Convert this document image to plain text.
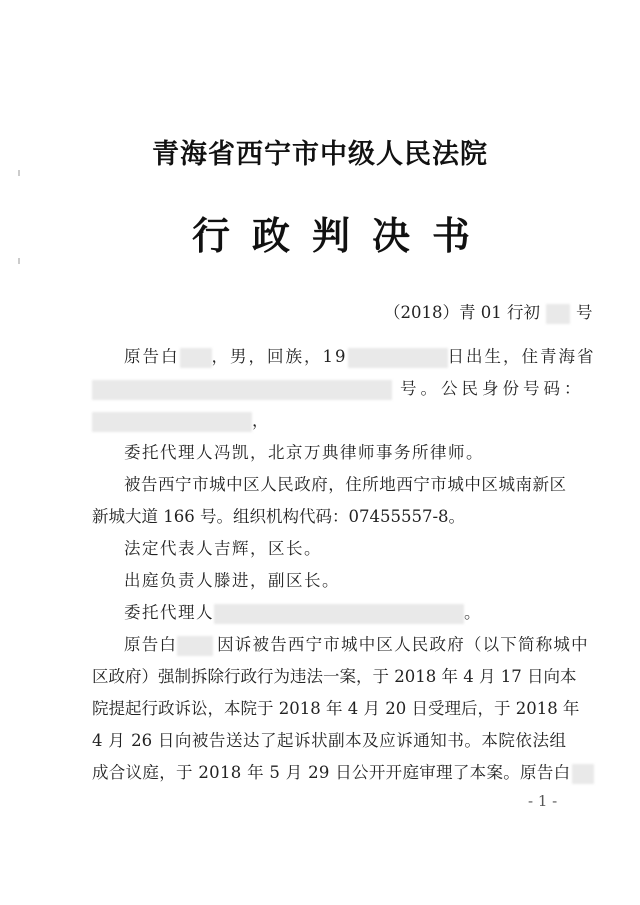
青海省西宁市中级人民法院
行政判决书
（2018）青 01 行初 号
原告白 ，男，回族，19	日出生，住青海省
号。公民身份号码：
，
委托代理人冯凯，北京万典律师事务所律师。
被告西宁市城中区人民政府，住所地西宁市城中区城南新区
新城大道 166 号。组织机构代码：07455557-8。
法定代表人吉辉，区长。
出庭负责人滕进，副区长。
委托代理人	。
原告白 因诉被告西宁市城中区人民政府（以下简称城中
区政府）强制拆除行政行为违法一案，于 2018 年 4 月 17 日向本
院提起行政诉讼，本院于 2018 年 4 月 20 日受理后，于 2018 年
4 月 26 日向被告送达了起诉状副本及应诉通知书。本院依法组
成合议庭，于 2018 年 5 月 29 日公开开庭审理了本案。原告白
- 1 -
